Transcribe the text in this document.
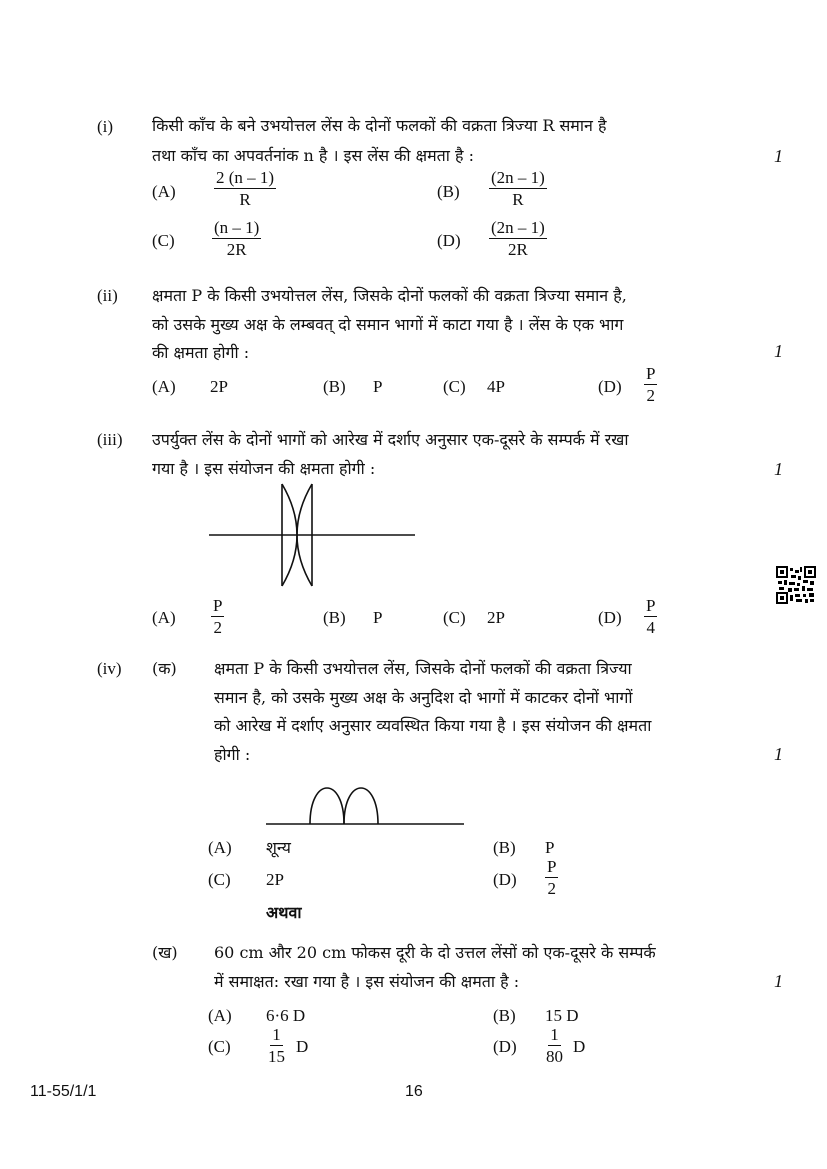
(i) किसी काँच के बने उभयोत्तल लेंस के दोनों फलकों की वक्रता त्रिज्या R समान है
तथा काँच का अपवर्तनांक n है । इस लेंस की क्षमता है :	1
$(A) \frac{2 (n - 1)}{R}$	$(B) \frac{(2n - 1)}{R}$
$(C) \frac{(n - 1)}{2R}$	$(D) \frac{(2n - 1)}{2R}$
(ii) क्षमता P के किसी उभयोत्तल लेंस, जिसके दोनों फलकों की वक्रता त्रिज्या समान है,
को उसके मुख्य अक्ष के लम्बवत् दो समान भागों में काटा गया है । लेंस के एक भाग
की क्षमता होगी :	1
(A) 2P	(B) P	(C) 4P	$(D) \frac{P}{2}$
(iii) उपर्युक्त लेंस के दोनों भागों को आरेख में दर्शाए अनुसार एक-दूसरे के सम्पर्क में रखा
गया है । इस संयोजन की क्षमता होगी :	1
$(A) \frac{P}{2}$	(B) P	(C) 2P	$(D) \frac{P}{4}$
(iv) (क) क्षमता P के किसी उभयोत्तल लेंस, जिसके दोनों फलकों की वक्रता त्रिज्या
समान है, को उसके मुख्य अक्ष के अनुदिश दो भागों में काटकर दोनों भागों
को आरेख में दर्शाए अनुसार व्यवस्थित किया गया है । इस संयोजन की क्षमता
होगी :	1
(A) शून्य	(B) P
(C) 2P	$(D) \frac{P}{2}$
अथवा
(ख) 60 cm और 20 cm फोकस दूरी के दो उत्तल लेंसों को एक-दूसरे के सम्पर्क
में समाक्षत: रखा गया है । इस संयोजन की क्षमता है :	1
(A) 6·6 D	(B) 15 D
$(C) \frac{1}{15}$ D	$(D) \frac{1}{80}$ D
11-55/1/1	16
